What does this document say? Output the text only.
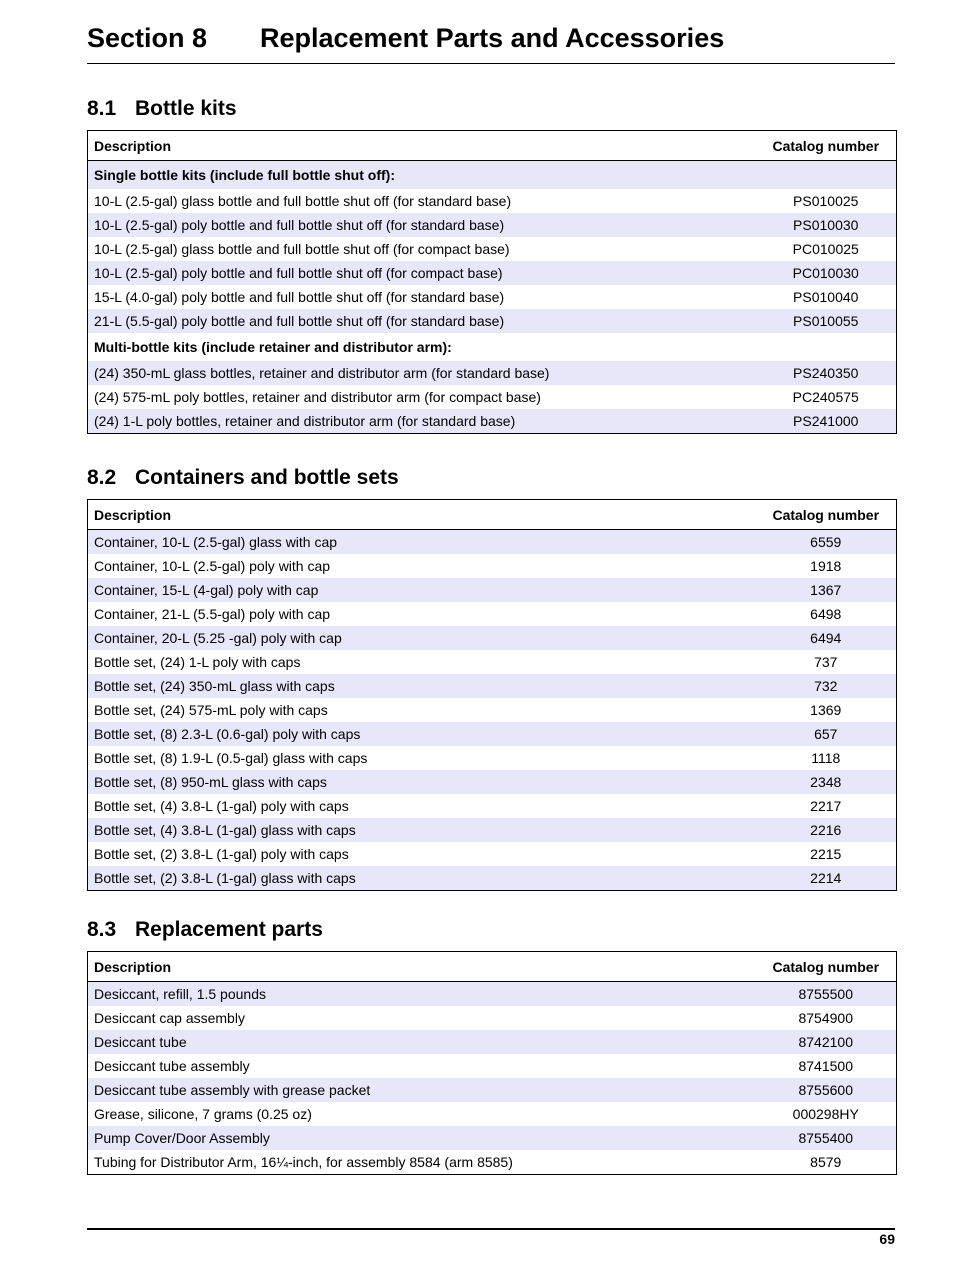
Section 8 Replacement Parts and Accessories
8.1 Bottle kits
Description	Catalog number
Single bottle kits (include full bottle shut off):	
10-L (2.5-gal) glass bottle and full bottle shut off (for standard base)	PS010025
10-L (2.5-gal) poly bottle and full bottle shut off (for standard base)	PS010030
10-L (2.5-gal) glass bottle and full bottle shut off (for compact base)	PC010025
10-L (2.5-gal) poly bottle and full bottle shut off (for compact base)	PC010030
15-L (4.0-gal) poly bottle and full bottle shut off (for standard base)	PS010040
21-L (5.5-gal) poly bottle and full bottle shut off (for standard base)	PS010055
Multi-bottle kits (include retainer and distributor arm):	
(24) 350-mL glass bottles, retainer and distributor arm (for standard base)	PS240350
(24) 575-mL poly bottles, retainer and distributor arm (for compact base)	PC240575
(24) 1-L poly bottles, retainer and distributor arm (for standard base)	PS241000
8.2 Containers and bottle sets
Description	Catalog number
Container, 10-L (2.5-gal) glass with cap	6559
Container, 10-L (2.5-gal) poly with cap	1918
Container, 15-L (4-gal) poly with cap	1367
Container, 21-L (5.5-gal) poly with cap	6498
Container, 20-L (5.25 -gal) poly with cap	6494
Bottle set, (24) 1-L poly with caps	737
Bottle set, (24) 350-mL glass with caps	732
Bottle set, (24) 575-mL poly with caps	1369
Bottle set, (8) 2.3-L (0.6-gal) poly with caps	657
Bottle set, (8) 1.9-L (0.5-gal) glass with caps	1118
Bottle set, (8) 950-mL glass with caps	2348
Bottle set, (4) 3.8-L (1-gal) poly with caps	2217
Bottle set, (4) 3.8-L (1-gal) glass with caps	2216
Bottle set, (2) 3.8-L (1-gal) poly with caps	2215
Bottle set, (2) 3.8-L (1-gal) glass with caps	2214
8.3 Replacement parts
Description	Catalog number
Desiccant, refill, 1.5 pounds	8755500
Desiccant cap assembly	8754900
Desiccant tube	8742100
Desiccant tube assembly	8741500
Desiccant tube assembly with grease packet	8755600
Grease, silicone, 7 grams (0.25 oz)	000298HY
Pump Cover/Door Assembly	8755400
Tubing for Distributor Arm, 16¼-inch, for assembly 8584 (arm 8585)	8579
69
